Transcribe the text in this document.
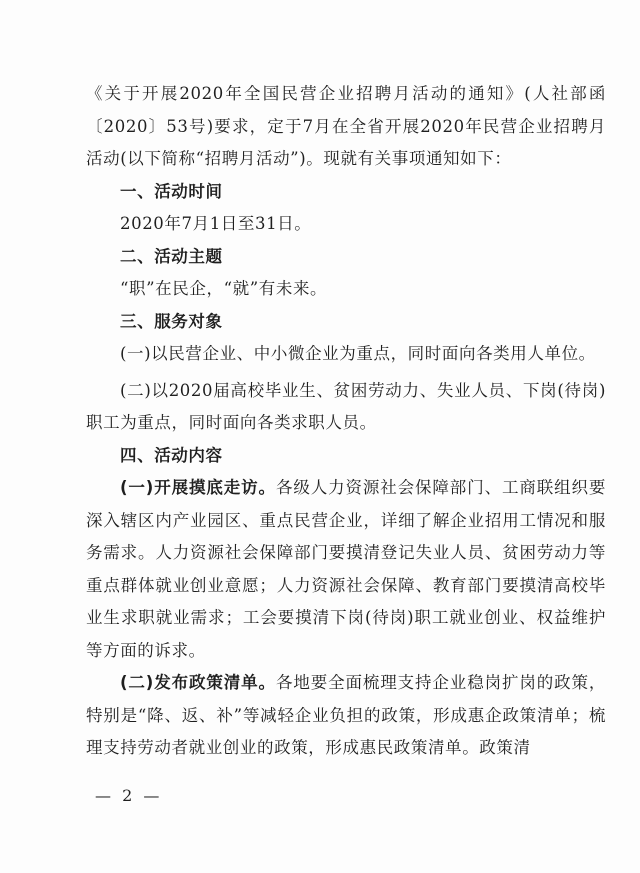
《关于开展2020年全国民营企业招聘月活动的通知》(人社部函〔2020〕53号)要求，定于7月在全省开展2020年民营企业招聘月活动(以下简称“招聘月活动”)。现就有关事项通知如下：

一、活动时间

2020年7月1日至31日。

二、活动主题

“职”在民企，“就”有未来。

三、服务对象

(一)以民营企业、中小微企业为重点，同时面向各类用人单位。

(二)以2020届高校毕业生、贫困劳动力、失业人员、下岗(待岗)职工为重点，同时面向各类求职人员。

四、活动内容

(一)开展摸底走访。各级人力资源社会保障部门、工商联组织要深入辖区内产业园区、重点民营企业，详细了解企业招用工情况和服务需求。人力资源社会保障部门要摸清登记失业人员、贫困劳动力等重点群体就业创业意愿；人力资源社会保障、教育部门要摸清高校毕业生求职就业需求；工会要摸清下岗(待岗)职工就业创业、权益维护等方面的诉求。

(二)发布政策清单。各地要全面梳理支持企业稳岗扩岗的政策，特别是“降、返、补”等减轻企业负担的政策，形成惠企政策清单；梳理支持劳动者就业创业的政策，形成惠民政策清单。政策清

— 2 —
